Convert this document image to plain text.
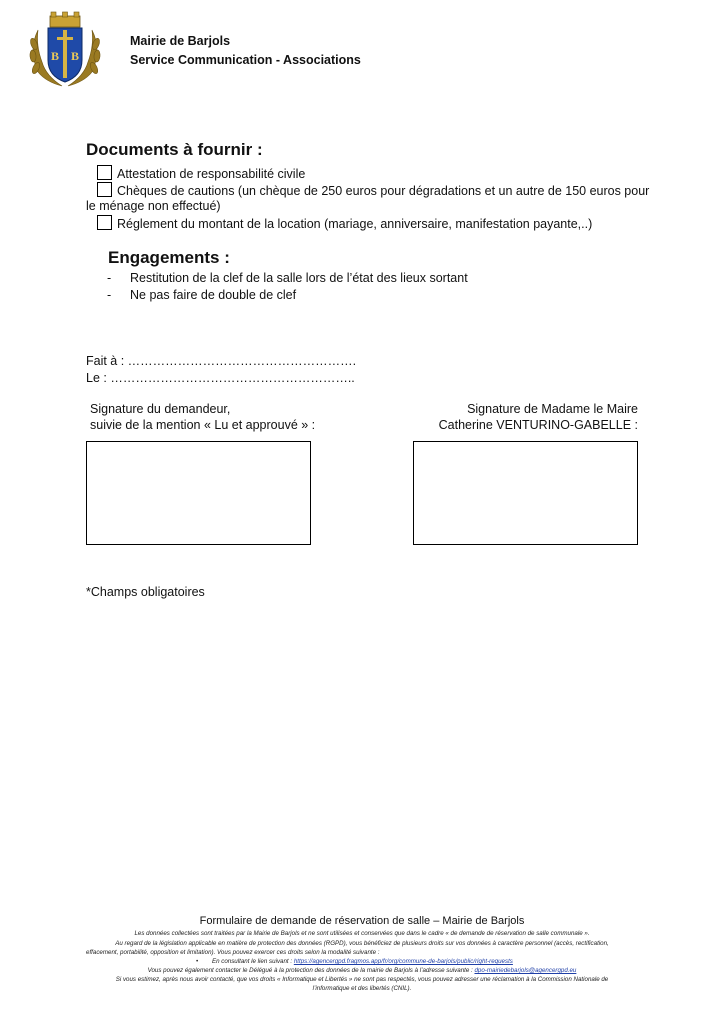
B B
Mairie de Barjols
Service Communication - Associations
Documents à fournir :
Attestation de responsabilité civile
Chèques de cautions (un chèque de 250 euros pour dégradations et un autre de 150 euros pour
le ménage non effectué)
Réglement du montant de la location (mariage, anniversaire, manifestation payante,..)
Engagements :
- Restitution de la clef de la salle lors de l’état des lieux sortant
- Ne pas faire de double de clef
Fait à : ……………………………………………….
Le : …………………………………………………..
Signature du demandeur,
suivie de la mention « Lu et approuvé » :
Signature de Madame le Maire
Catherine VENTURINO-GABELLE :
*Champs obligatoires
Formulaire de demande de réservation de salle – Mairie de Barjols
Les données collectées sont traitées par la Mairie de Barjols et ne sont utilisées et conservées que dans le cadre « de demande de réservation de salle communale ».
Au regard de la législation applicable en matière de protection des données (RGPD), vous bénéficiez de plusieurs droits sur vos données à caractère personnel (accès, rectification,
effacement, portabilité, opposition et limitation). Vous pouvez exercer ces droits selon la modalité suivante :
• En consultant le lien suivant : https://agencergpd.fragmos.app/fr/org/commune-de-barjols/public/right-requests
Vous pouvez également contacter le Délégué à la protection des données de la mairie de Barjols à l’adresse suivante : dpo-mairiedebarjols@agencergpd.eu
Si vous estimez, après nous avoir contacté, que vos droits « Informatique et Libertés » ne sont pas respectés, vous pouvez adresser une réclamation à la Commission Nationale de
l’informatique et des libertés (CNIL).
